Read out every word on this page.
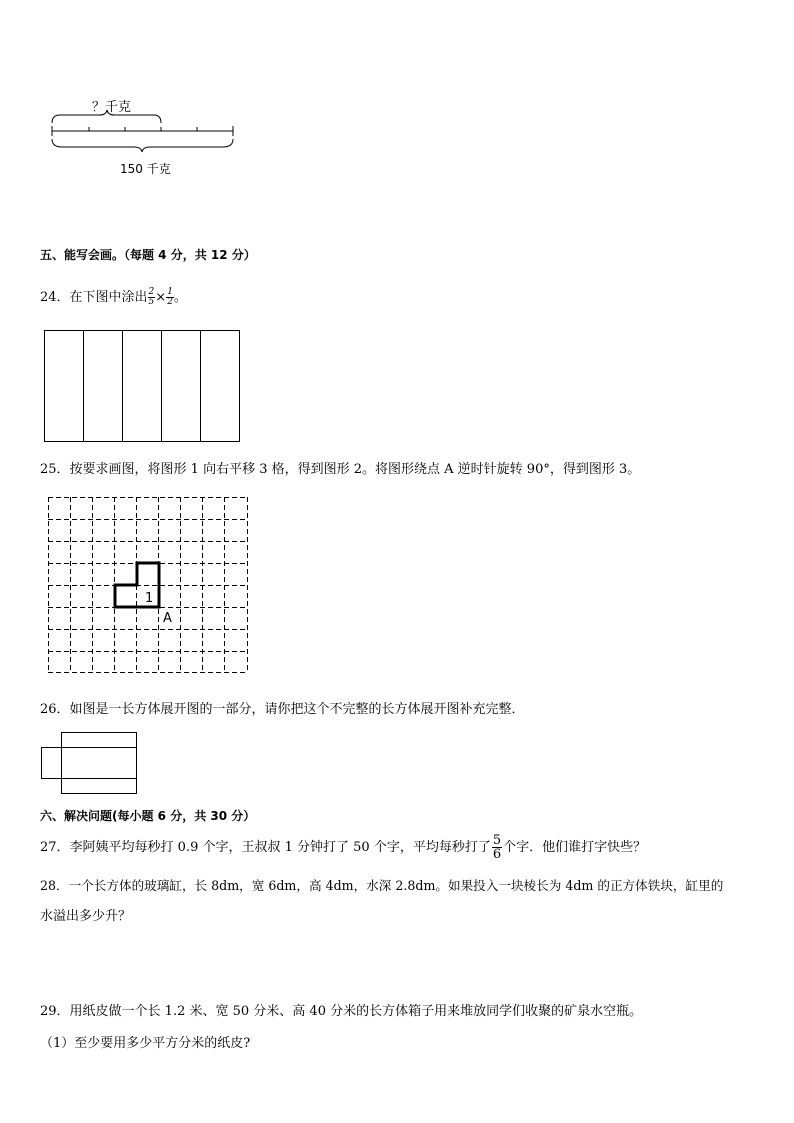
？千克
150 千克
五、能写会画。（每题 4 分，共 12 分）
24．在下图中涂出 $\frac{2}{5} \times \frac{1}{2}$ 。
25．按要求画图，将图形 1 向右平移 3 格，得到图形 2。将图形绕点 A 逆时针旋转 90°，得到图形 3。
1
A
26．如图是一长方体展开图的一部分，请你把这个不完整的长方体展开图补充完整．
六、解决问题(每小题 6 分，共 30 分）
27．李阿姨平均每秒打 0.9 个字，王叔叔 1 分钟打了 50 个字，平均每秒打了 $\frac{5}{6}$ 个字．他们谁打字快些？
28．一个长方体的玻璃缸，长 8dm，宽 6dm，高 4dm，水深 2.8dm。如果投入一块棱长为 4dm 的正方体铁块，缸里的
水溢出多少升？
29．用纸皮做一个长 1.2 米、宽 50 分米、高 40 分米的长方体箱子用来堆放同学们收聚的矿泉水空瓶。
（1）至少要用多少平方分米的纸皮?
